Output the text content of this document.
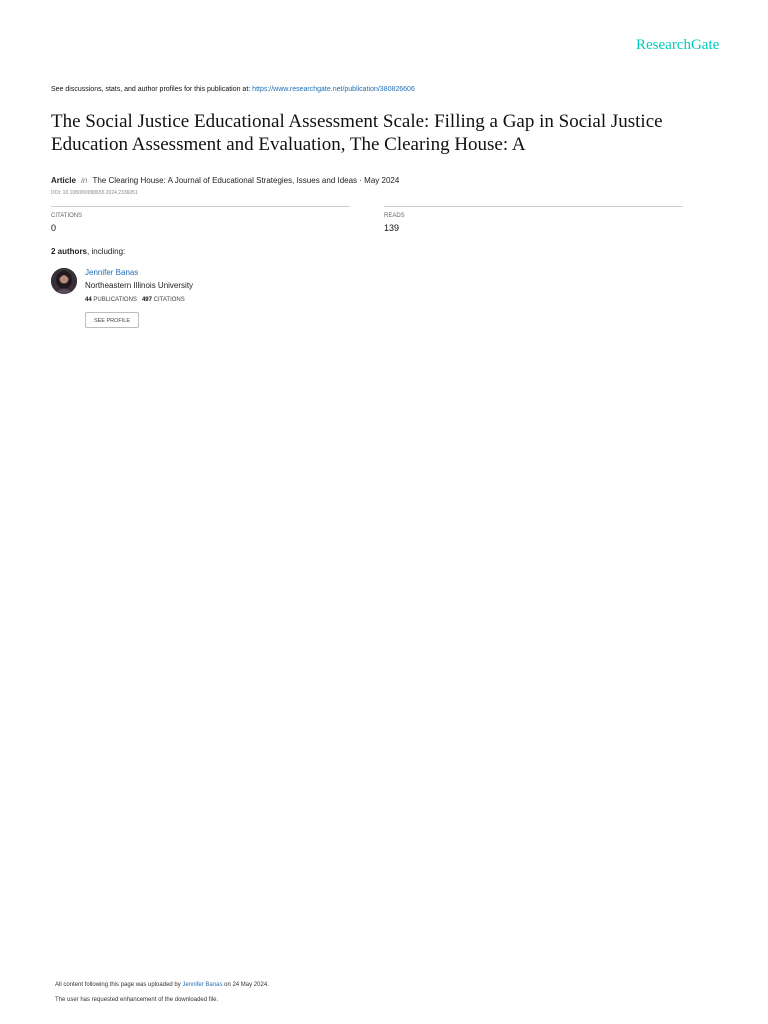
ResearchGate
See discussions, stats, and author profiles for this publication at: https://www.researchgate.net/publication/380826606
The Social Justice Educational Assessment Scale: Filling a Gap in Social Justice Education Assessment and Evaluation, The Clearing House: A
Article in The Clearing House: A Journal of Educational Strategies, Issues and Ideas · May 2024
DOI: 10.1080/00098655.2024.2336051
CITATIONS
0
READS
139
2 authors, including:
Jennifer Banas
Northeastern Illinois University
44 PUBLICATIONS 497 CITATIONS
SEE PROFILE
All content following this page was uploaded by Jennifer Banas on 24 May 2024.
The user has requested enhancement of the downloaded file.
